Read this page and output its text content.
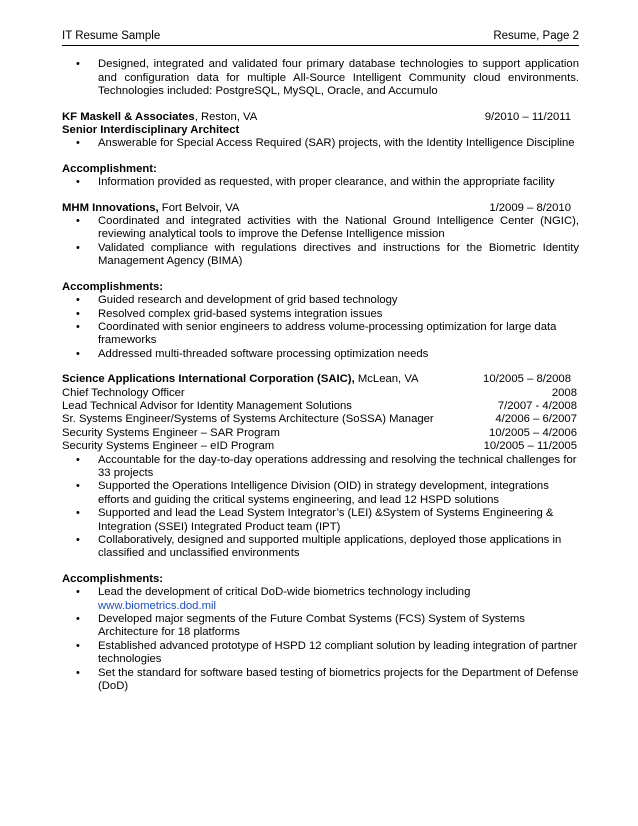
IT Resume Sample	Resume, Page 2
• Designed, integrated and validated four primary database technologies to support application and configuration data for multiple All-Source Intelligent Community cloud environments. Technologies included: PostgreSQL, MySQL, Oracle, and Accumulo
KF Maskell & Associates, Reston, VA	9/2010 – 11/2011
Senior Interdisciplinary Architect
• Answerable for Special Access Required (SAR) projects, with the Identity Intelligence Discipline
Accomplishment:
• Information provided as requested, with proper clearance, and within the appropriate facility
MHM Innovations, Fort Belvoir, VA	1/2009 – 8/2010
• Coordinated and integrated activities with the National Ground Intelligence Center (NGIC), reviewing analytical tools to improve the Defense Intelligence mission
• Validated compliance with regulations directives and instructions for the Biometric Identity Management Agency (BIMA)
Accomplishments:
• Guided research and development of grid based technology
• Resolved complex grid-based systems integration issues
• Coordinated with senior engineers to address volume-processing optimization for large data frameworks
• Addressed multi-threaded software processing optimization needs
Science Applications International Corporation (SAIC), McLean, VA	10/2005 – 8/2008
Chief Technology Officer	2008
Lead Technical Advisor for Identity Management Solutions	7/2007 - 4/2008
Sr. Systems Engineer/Systems of Systems Architecture (SoSSA) Manager	4/2006 – 6/2007
Security Systems Engineer – SAR Program	10/2005 – 4/2006
Security Systems Engineer – eID Program	10/2005 – 11/2005
• Accountable for the day-to-day operations addressing and resolving the technical challenges for 33 projects
• Supported the Operations Intelligence Division (OID) in strategy development, integrations efforts and guiding the critical systems engineering, and lead 12 HSPD solutions
• Supported and lead the Lead System Integrator’s (LEI) &System of Systems Engineering & Integration (SSEI) Integrated Product team (IPT)
• Collaboratively, designed and supported multiple applications, deployed those applications in classified and unclassified environments
Accomplishments:
• Lead the development of critical DoD-wide biometrics technology including
www.biometrics.dod.mil
• Developed major segments of the Future Combat Systems (FCS) System of Systems Architecture for 18 platforms
• Established advanced prototype of HSPD 12 compliant solution by leading integration of partner technologies
• Set the standard for software based testing of biometrics projects for the Department of Defense (DoD)
